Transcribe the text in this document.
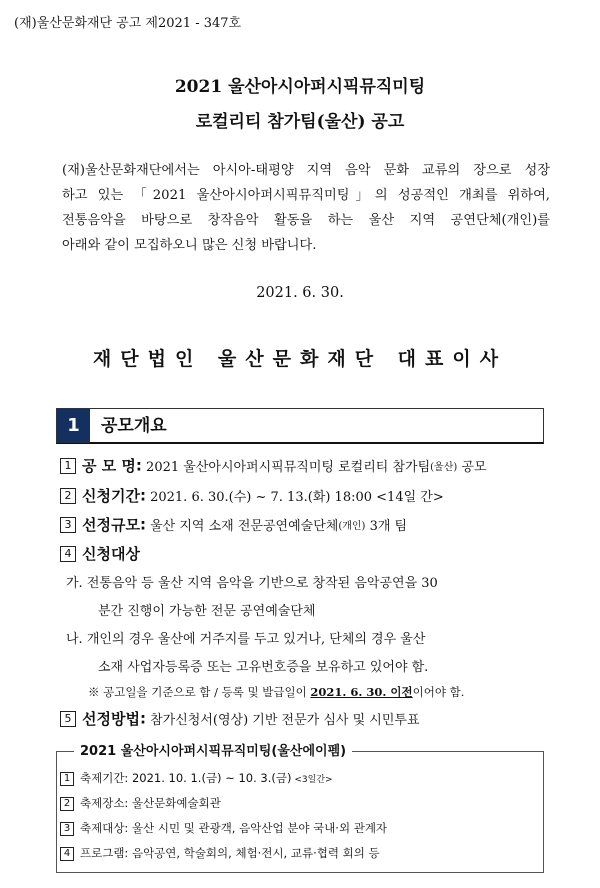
(재)울산문화재단 공고 제2021 - 347호
2021 울산아시아퍼시픽뮤직미팅
로컬리티 참가팀(울산) 공고
(재)울산문화재단에서는 아시아-태평양 지역 음악 문화 교류의 장으로 성장
하고 있는 「2021 울산아시아퍼시픽뮤직미팅」의 성공적인 개최를 위하여,
전통음악을 바탕으로 창작음악 활동을 하는 울산 지역 공연단체(개인)를
아래와 같이 모집하오니 많은 신청 바랍니다.
2021. 6. 30.
재단법인 울산문화재단 대표이사
1	공모개요
1 공 모 명: 2021 울산아시아퍼시픽뮤직미팅 로컬리티 참가팀(울산) 공모
2 신청기간: 2021. 6. 30.(수) ~ 7. 13.(화) 18:00 <14일 간>
3 선정규모: 울산 지역 소재 전문공연예술단체(개인) 3개 팀
4 신청대상
가. 전통음악 등 울산 지역 음악을 기반으로 창작된 음악공연을 30
분간 진행이 가능한 전문 공연예술단체
나. 개인의 경우 울산에 거주지를 두고 있거나, 단체의 경우 울산
소재 사업자등록증 또는 고유번호증을 보유하고 있어야 함.
※ 공고일을 기준으로 함 / 등록 및 발급일이 2021. 6. 30. 이전이어야 함.
5 선정방법: 참가신청서(영상) 기반 전문가 심사 및 시민투표
2021 울산아시아퍼시픽뮤직미팅(울산에이펨)
1 축제기간: 2021. 10. 1.(금) ~ 10. 3.(금) <3일간>
2 축제장소: 울산문화예술회관
3 축제대상: 울산 시민 및 관광객, 음악산업 분야 국내·외 관계자
4 프로그램: 음악공연, 학술회의, 체험·전시, 교류·협력 회의 등
